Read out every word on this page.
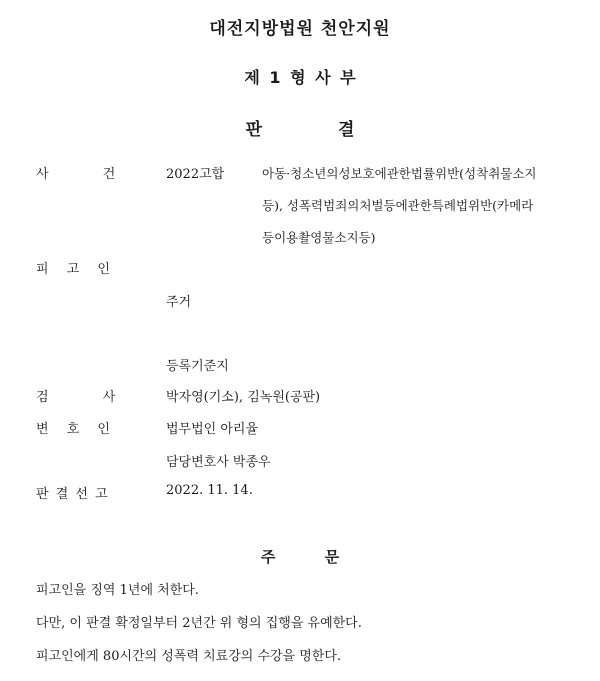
대전지방법원 천안지원
제 1 형 사 부
판 결
사 건	2022고합	아동·청소년의성보호에관한법률위반(성착취물소지
등), 성폭력범죄의처벌등에관한특례법위반(카메라
등이용촬영물소지등)
피 고 인
주거
등록기준지
검 사	박자영(기소), 김녹원(공판)
변 호 인	법무법인 아리율
담당변호사 박종우
판 결 선 고	2022. 11. 14.
주 문
피고인을 징역 1년에 처한다.
다만, 이 판결 확정일부터 2년간 위 형의 집행을 유예한다.
피고인에게 80시간의 성폭력 치료강의 수강을 명한다.
